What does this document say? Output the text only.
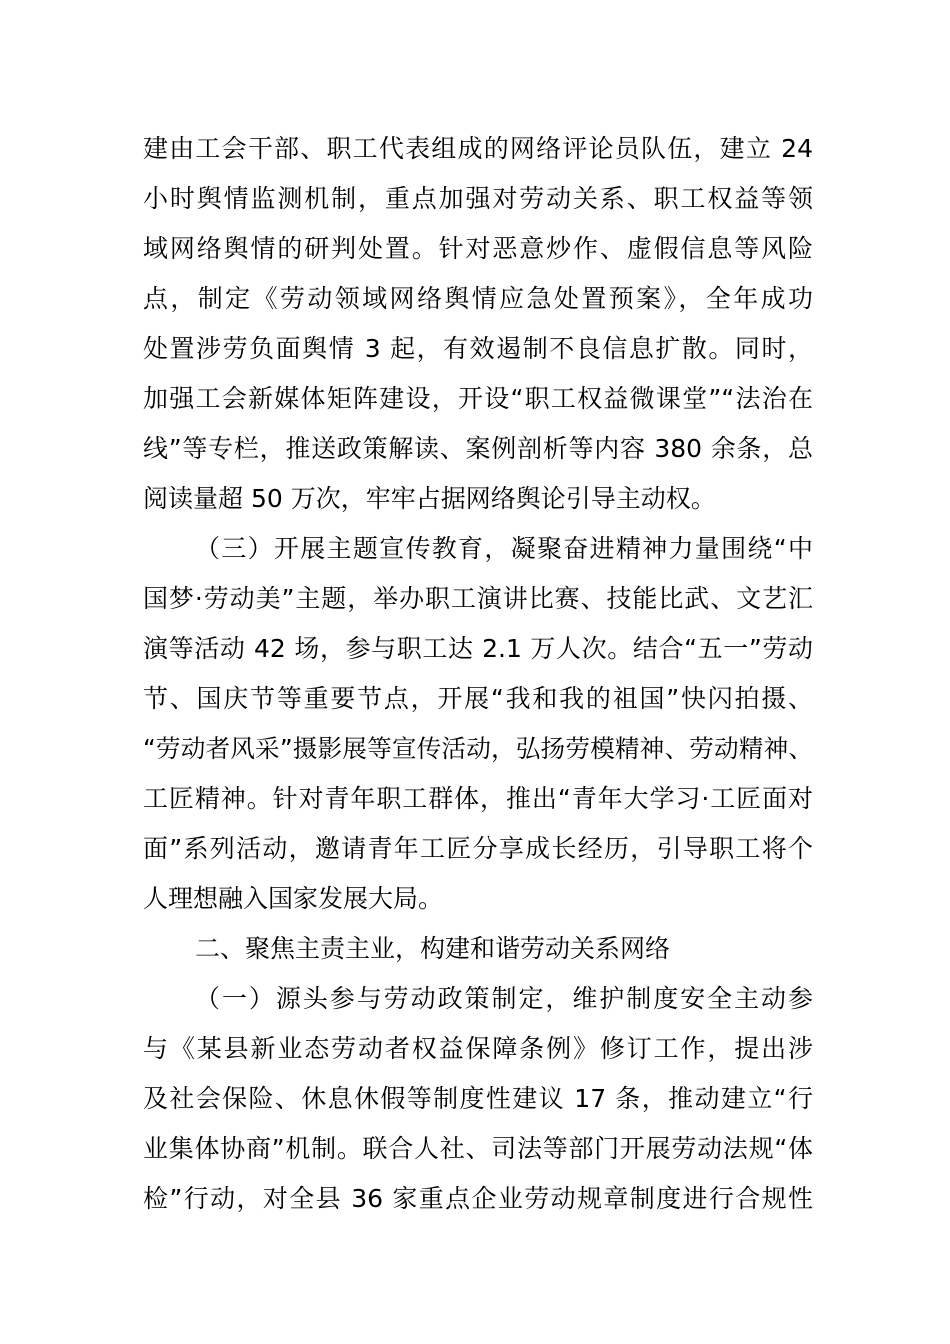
建由工会干部、职工代表组成的网络评论员队伍，建立 24
小时舆情监测机制，重点加强对劳动关系、职工权益等领
域网络舆情的研判处置。针对恶意炒作、虚假信息等风险
点，制定《劳动领域网络舆情应急处置预案》，全年成功
处置涉劳负面舆情 3 起，有效遏制不良信息扩散。同时，
加强工会新媒体矩阵建设，开设“职工权益微课堂”“法治在
线”等专栏，推送政策解读、案例剖析等内容 380 余条，总
阅读量超 50 万次，牢牢占据网络舆论引导主动权。
（三）开展主题宣传教育，凝聚奋进精神力量围绕“中
国梦·劳动美”主题，举办职工演讲比赛、技能比武、文艺汇
演等活动 42 场，参与职工达 2.1 万人次。结合“五一”劳动
节、国庆节等重要节点，开展“我和我的祖国”快闪拍摄、
“劳动者风采”摄影展等宣传活动，弘扬劳模精神、劳动精神、
工匠精神。针对青年职工群体，推出“青年大学习·工匠面对
面”系列活动，邀请青年工匠分享成长经历，引导职工将个
人理想融入国家发展大局。
二、聚焦主责主业，构建和谐劳动关系网络
（一）源头参与劳动政策制定，维护制度安全主动参
与《某县新业态劳动者权益保障条例》修订工作，提出涉
及社会保险、休息休假等制度性建议 17 条，推动建立“行
业集体协商”机制。联合人社、司法等部门开展劳动法规“体
检”行动，对全县 36 家重点企业劳动规章制度进行合规性
